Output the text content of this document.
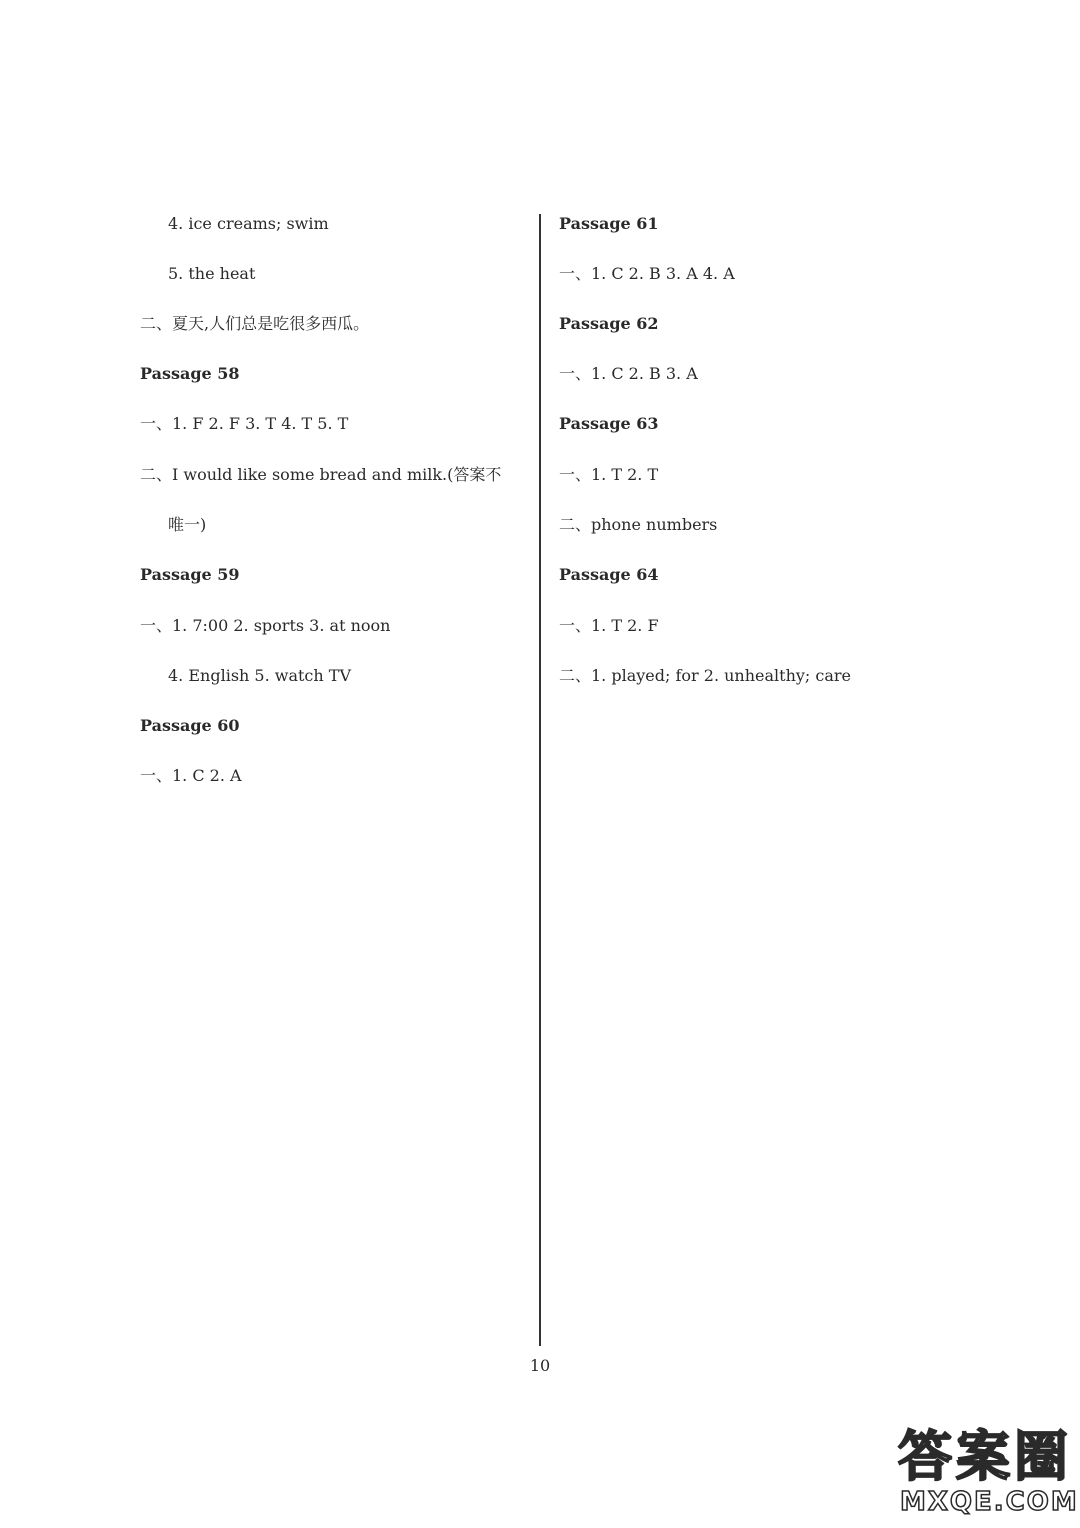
4. ice creams; swim
5. the heat
二、夏天,人们总是吃很多西瓜。
Passage 58
一、1. F 2. F 3. T 4. T 5. T
二、I would like some bread and milk.(答案不
唯一)
Passage 59
一、1. 7:00 2. sports 3. at noon
4. English 5. watch TV
Passage 60
一、1. C 2. A
Passage 61
一、1. C 2. B 3. A 4. A
Passage 62
一、1. C 2. B 3. A
Passage 63
一、1. T 2. T
二、phone numbers
Passage 64
一、1. T 2. F
二、1. played; for 2. unhealthy; care
10
答案圈
MXQE.COM
